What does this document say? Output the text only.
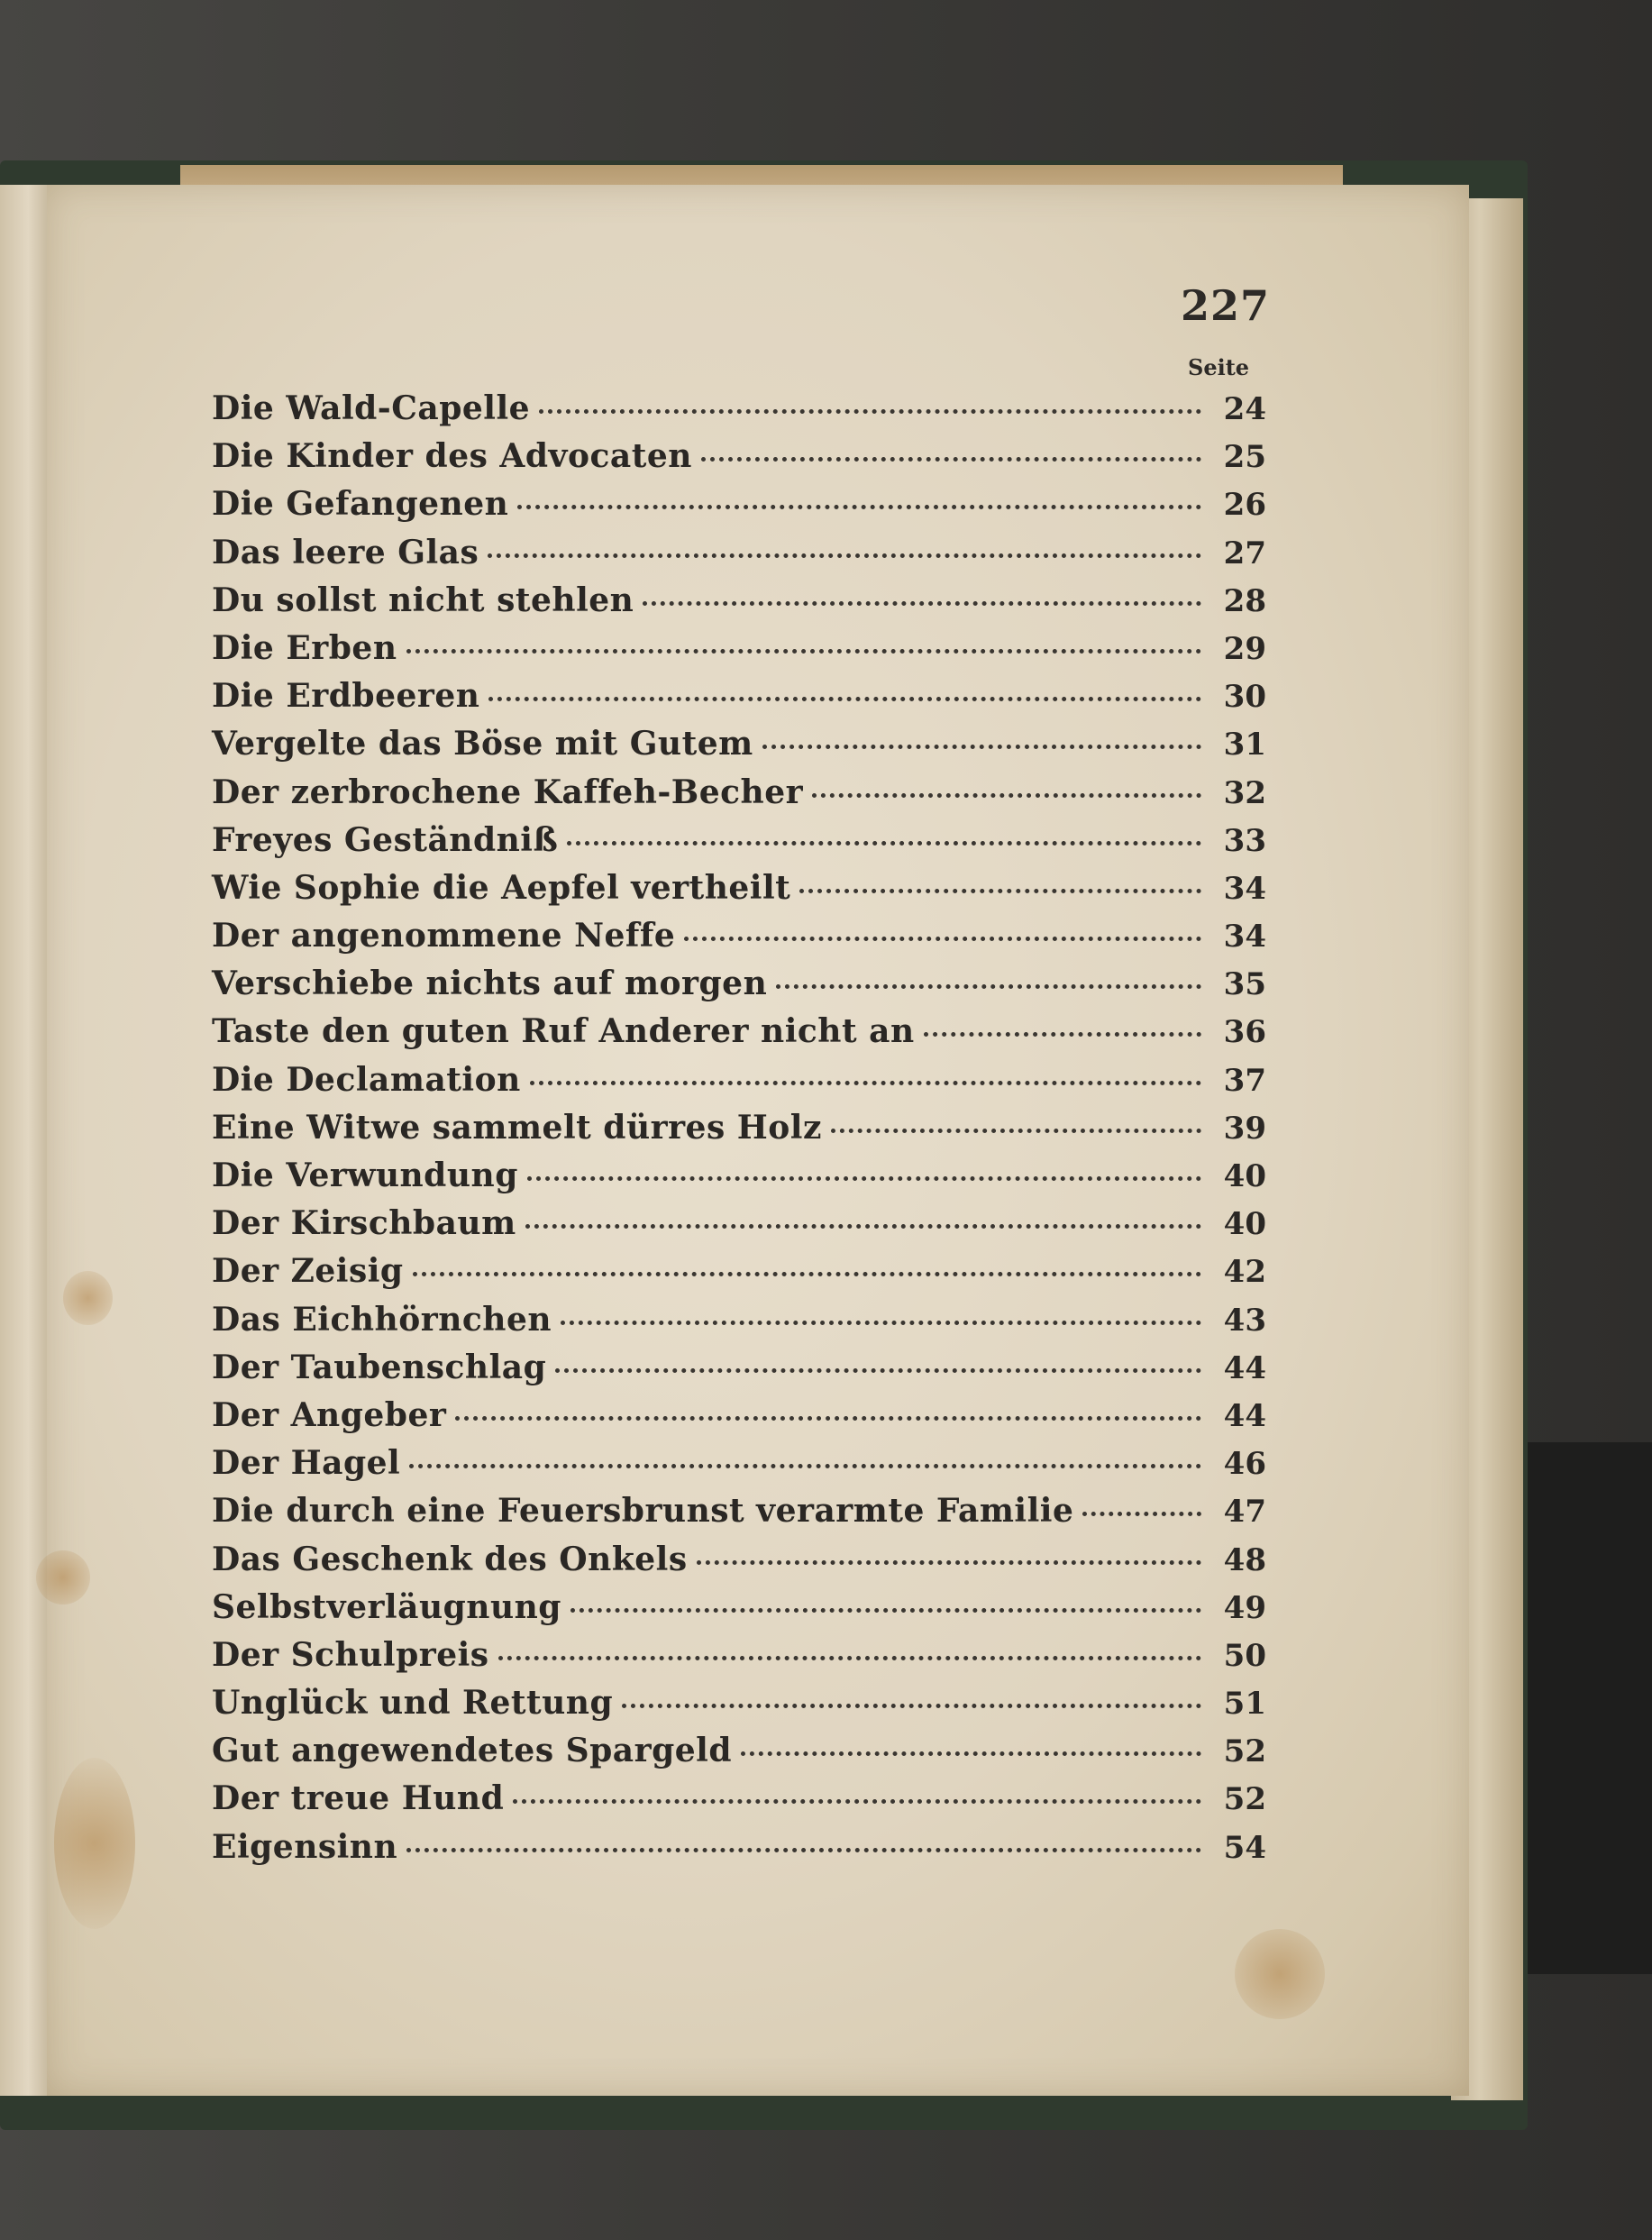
227
Seite
Die Wald-Capelle	24
Die Kinder des Advocaten	25
Die Gefangenen	26
Das leere Glas	27
Du sollst nicht stehlen	28
Die Erben	29
Die Erdbeeren	30
Vergelte das Böse mit Gutem	31
Der zerbrochene Kaffeh-Becher	32
Freyes Geständniß	33
Wie Sophie die Aepfel vertheilt	34
Der angenommene Neffe	34
Verschiebe nichts auf morgen	35
Taste den guten Ruf Anderer nicht an	36
Die Declamation	37
Eine Witwe sammelt dürres Holz	39
Die Verwundung	40
Der Kirschbaum	40
Der Zeisig	42
Das Eichhörnchen	43
Der Taubenschlag	44
Der Angeber	44
Der Hagel	46
Die durch eine Feuersbrunst verarmte Familie	47
Das Geschenk des Onkels	48
Selbstverläugnung	49
Der Schulpreis	50
Unglück und Rettung	51
Gut angewendetes Spargeld	52
Der treue Hund	52
Eigensinn	54
